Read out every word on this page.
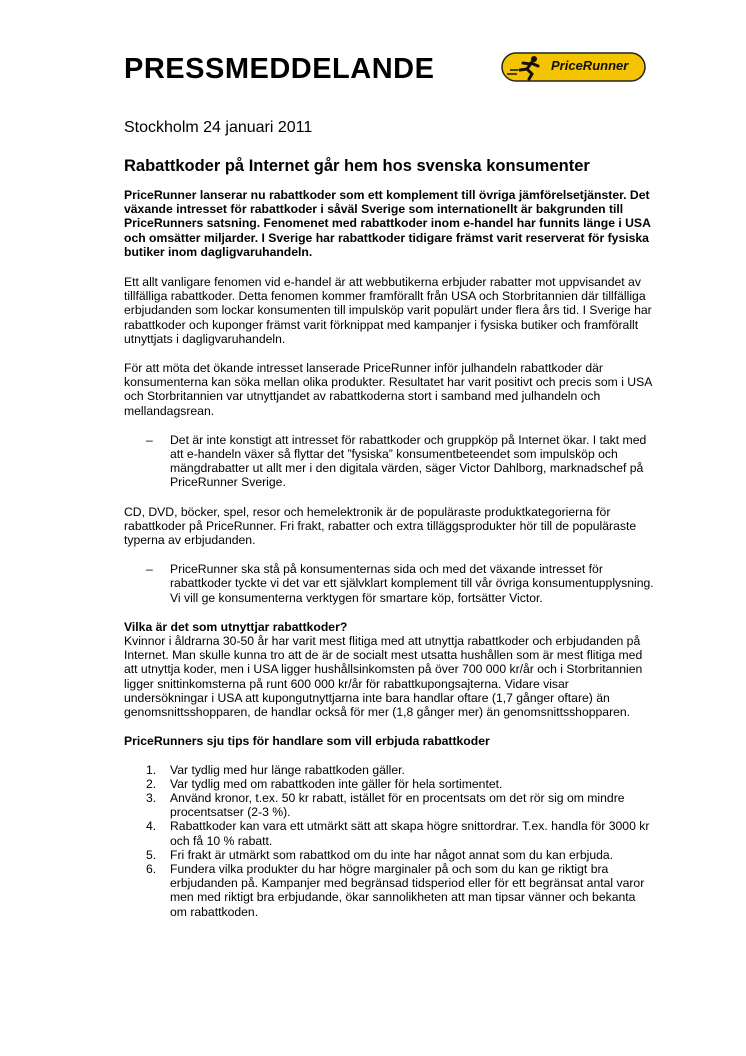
PRESSMEDDELANDE	PriceRunner
Stockholm 24 januari 2011
Rabattkoder på Internet går hem hos svenska konsumenter

PriceRunner lanserar nu rabattkoder som ett komplement till övriga jämförelsetjänster. Det växande intresset för rabattkoder i såväl Sverige som internationellt är bakgrunden till PriceRunners satsning. Fenomenet med rabattkoder inom e-handel har funnits länge i USA och omsätter miljarder. I Sverige har rabattkoder tidigare främst varit reserverat för fysiska butiker inom dagligvaruhandeln.

Ett allt vanligare fenomen vid e-handel är att webbutikerna erbjuder rabatter mot uppvisandet av tillfälliga rabattkoder. Detta fenomen kommer framförallt från USA och Storbritannien där tillfälliga erbjudanden som lockar konsumenten till impulsköp varit populärt under flera års tid. I Sverige har rabattkoder och kuponger främst varit förknippat med kampanjer i fysiska butiker och framförallt utnyttjats i dagligvaruhandeln.

För att möta det ökande intresset lanserade PriceRunner inför julhandeln rabattkoder där konsumenterna kan söka mellan olika produkter. Resultatet har varit positivt och precis som i USA och Storbritannien var utnyttjandet av rabattkoderna stort i samband med julhandeln och mellandagsrean.

– Det är inte konstigt att intresset för rabattkoder och gruppköp på Internet ökar. I takt med att e-handeln växer så flyttar det ”fysiska” konsumentbeteendet som impulsköp och mängdrabatter ut allt mer i den digitala värden, säger Victor Dahlborg, marknadschef på PriceRunner Sverige.

CD, DVD, böcker, spel, resor och hemelektronik är de populäraste produktkategorierna för rabattkoder på PriceRunner. Fri frakt, rabatter och extra tilläggsprodukter hör till de populäraste typerna av erbjudanden.

– PriceRunner ska stå på konsumenternas sida och med det växande intresset för rabattkoder tyckte vi det var ett självklart komplement till vår övriga konsumentupplysning. Vi vill ge konsumenterna verktygen för smartare köp, fortsätter Victor.
Vilka är det som utnyttjar rabattkoder?

Kvinnor i åldrarna 30-50 år har varit mest flitiga med att utnyttja rabattkoder och erbjudanden på Internet. Man skulle kunna tro att de är de socialt mest utsatta hushållen som är mest flitiga med att utnyttja koder, men i USA ligger hushållsinkomsten på över 700 000 kr/år och i Storbritannien ligger snittinkomsterna på runt 600 000 kr/år för rabattkupongsajterna. Vidare visar undersökningar i USA att kupongutnyttjarna inte bara handlar oftare (1,7 gånger oftare) än genomsnittsshopparen, de handlar också för mer (1,8 gånger mer) än genomsnittsshopparen.

PriceRunners sju tips för handlare som vill erbjuda rabattkoder
1. Var tydlig med hur länge rabattkoden gäller.
2. Var tydlig med om rabattkoden inte gäller för hela sortimentet.
3. Använd kronor, t.ex. 50 kr rabatt, istället för en procentsats om det rör sig om mindre procentsatser (2-3 %).
4. Rabattkoder kan vara ett utmärkt sätt att skapa högre snittordrar. T.ex. handla för 3000 kr och få 10 % rabatt.
5. Fri frakt är utmärkt som rabattkod om du inte har något annat som du kan erbjuda.
6. Fundera vilka produkter du har högre marginaler på och som du kan ge riktigt bra erbjudanden på. Kampanjer med begränsad tidsperiod eller för ett begränsat antal varor men med riktigt bra erbjudande, ökar sannolikheten att man tipsar vänner och bekanta om rabattkoden.
